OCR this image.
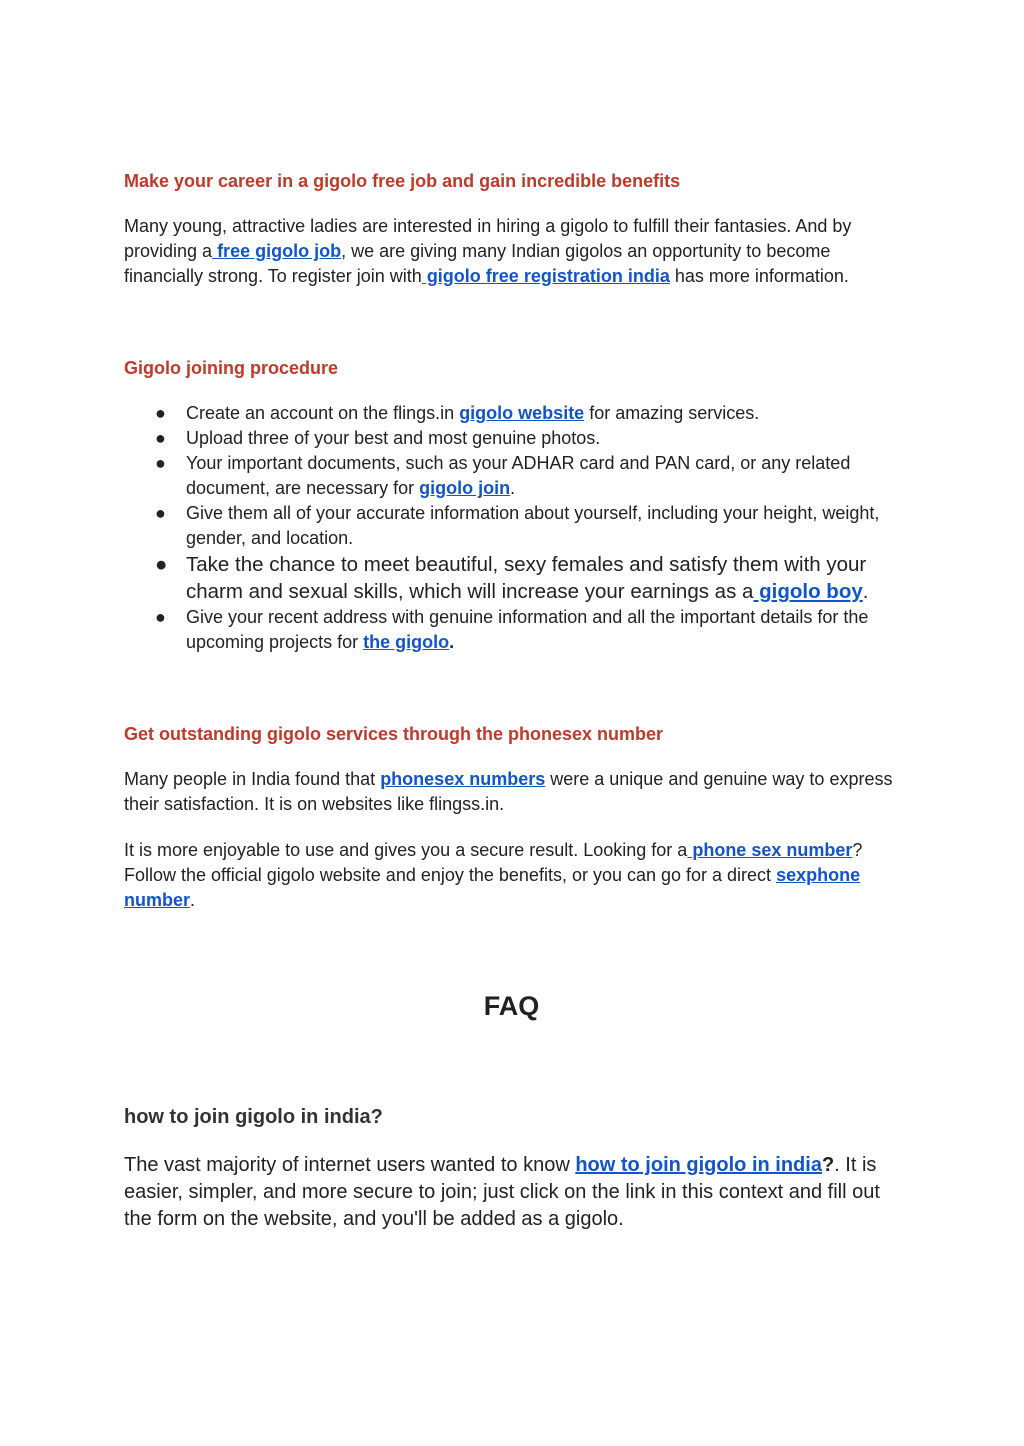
Make your career in a gigolo free job and gain incredible benefits

Many young, attractive ladies are interested in hiring a gigolo to fulfill their fantasies. And by providing a free gigolo job, we are giving many Indian gigolos an opportunity to become financially strong. To register join with gigolo free registration india has more information.

Gigolo joining procedure
● Create an account on the flings.in gigolo website for amazing services.
● Upload three of your best and most genuine photos.
● Your important documents, such as your ADHAR card and PAN card, or any related document, are necessary for gigolo join.
● Give them all of your accurate information about yourself, including your height, weight, gender, and location.
● Take the chance to meet beautiful, sexy females and satisfy them with your charm and sexual skills, which will increase your earnings as a gigolo boy.
● Give your recent address with genuine information and all the important details for the upcoming projects for the gigolo.
Get outstanding gigolo services through the phonesex number

Many people in India found that phonesex numbers were a unique and genuine way to express their satisfaction. It is on websites like flingss.in.

It is more enjoyable to use and gives you a secure result. Looking for a phone sex number? Follow the official gigolo website and enjoy the benefits, or you can go for a direct sexphone number.

FAQ
how to join gigolo in india?

The vast majority of internet users wanted to know how to join gigolo in india?. It is easier, simpler, and more secure to join; just click on the link in this context and fill out the form on the website, and you'll be added as a gigolo.
